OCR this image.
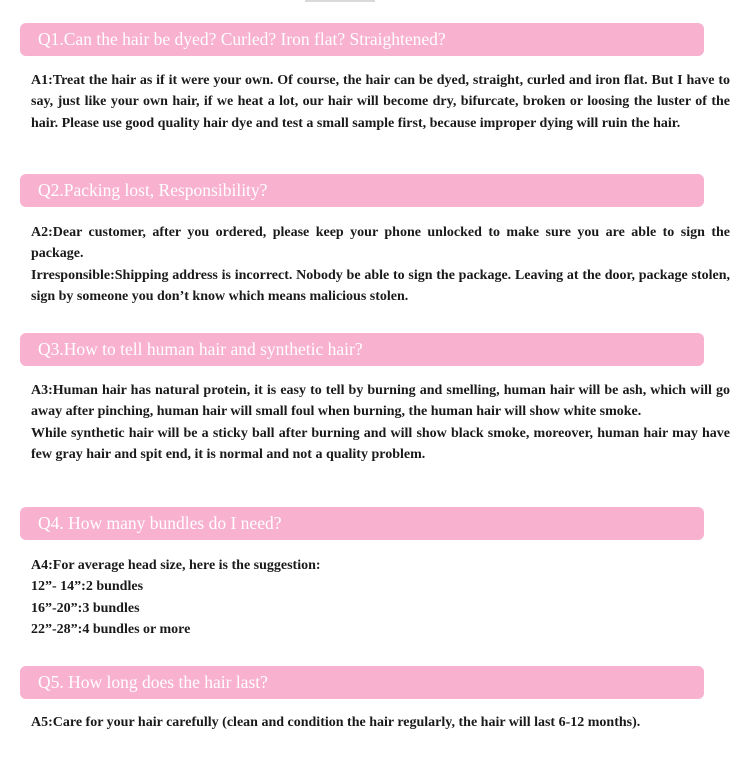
Q1.Can the hair be dyed? Curled? Iron flat? Straightened?

A1:Treat the hair as if it were your own. Of course, the hair can be dyed, straight, curled and iron flat. But I have to say, just like your own hair, if we heat a lot, our hair will become dry, bifurcate, broken or loosing the luster of the hair. Please use good quality hair dye and test a small sample first, because improper dying will ruin the hair.

Q2.Packing lost, Responsibility?

A2:Dear customer, after you ordered, please keep your phone unlocked to make sure you are able to sign the package.

Irresponsible:Shipping address is incorrect. Nobody be able to sign the package. Leaving at the door, package stolen, sign by someone you don’t know which means malicious stolen.

Q3.How to tell human hair and synthetic hair?

A3:Human hair has natural protein, it is easy to tell by burning and smelling, human hair will be ash, which will go away after pinching, human hair will small foul when burning, the human hair will show white smoke.

While synthetic hair will be a sticky ball after burning and will show black smoke, moreover, human hair may have few gray hair and spit end, it is normal and not a quality problem.

Q4. How many bundles do I need?
A4:For average head size, here is the suggestion:
12”- 14”:2 bundles
16”-20”:3 bundles
22”-28”:4 bundles or more
Q5. How long does the hair last?
A5:Care for your hair carefully (clean and condition the hair regularly, the hair will last 6-12 months).
